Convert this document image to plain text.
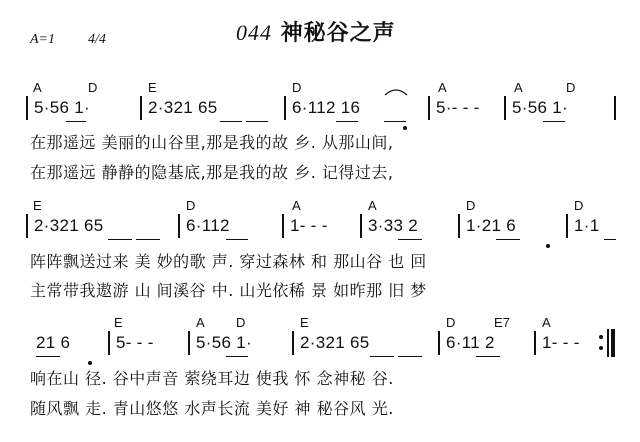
A=1 4/4	044 神秘谷之声
A	D	E	D	A	A	D
5·56 1·	2·321 65	6·112 16	5·- - - 5·56 1·
在那遥远 美丽的山谷里,那是我的故 乡. 从那山间,
在那遥远 静静的隐基底,那是我的故 乡. 记得过去,
E	D	A	A	D	D
2·321 65	6·112	1- - - 3·33 2	1·21 6	1·1
阵阵飘送过来 美 妙的歌 声. 穿过森林 和 那山谷 也 回
主常带我遨游 山 间溪谷 中. 山光依稀 景 如昨那 旧 梦
E	A D	E	D	E7 A
21 6	5- - - 5·56 1·	2·321 65	6·11 2	1- - -
响在山 径. 谷中声音 萦绕耳边 使我 怀 念神秘 谷.
随风飘 走. 青山悠悠 水声长流 美好 神 秘谷风 光.
